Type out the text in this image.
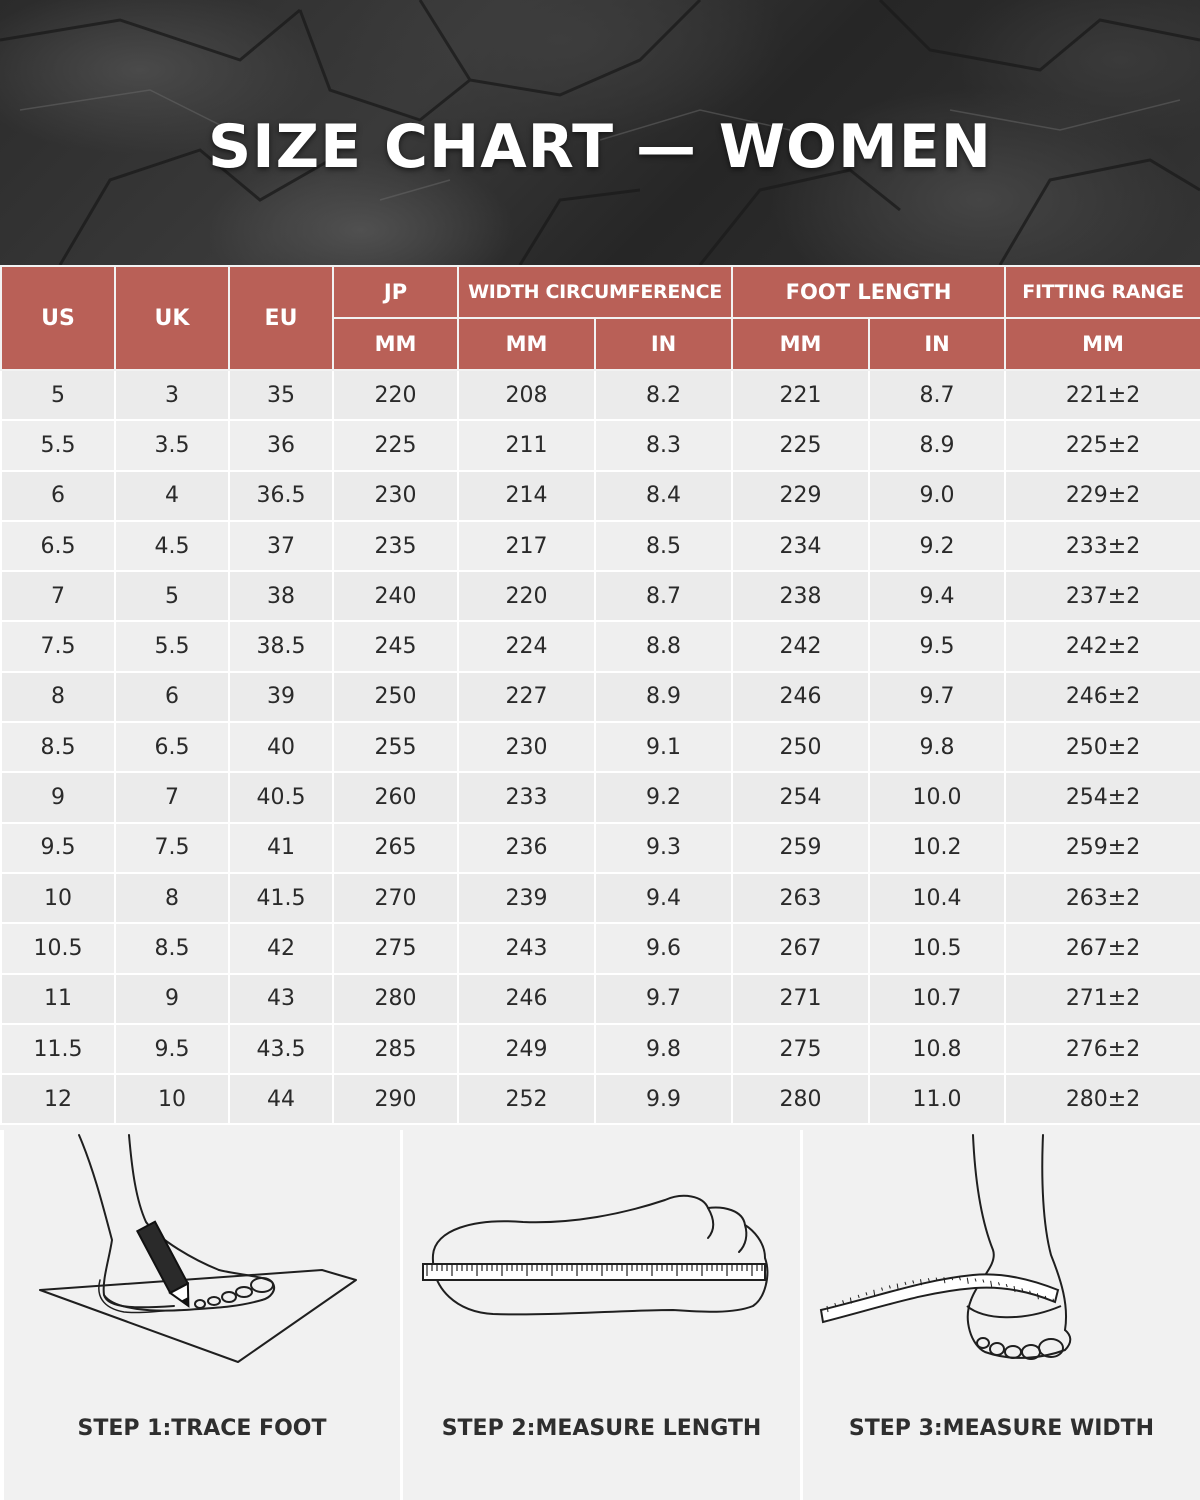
SIZE CHART — WOMEN
US	UK	EU	JP	WIDTH CIRCUMFERENCE		FOOT LENGTH		FITTING RANGE
			MM	MM	IN	MM	IN	MM
5	3	35	220	208	8.2	221	8.7	221±2
5.5	3.5	36	225	211	8.3	225	8.9	225±2
6	4	36.5	230	214	8.4	229	9.0	229±2
6.5	4.5	37	235	217	8.5	234	9.2	233±2
7	5	38	240	220	8.7	238	9.4	237±2
7.5	5.5	38.5	245	224	8.8	242	9.5	242±2
8	6	39	250	227	8.9	246	9.7	246±2
8.5	6.5	40	255	230	9.1	250	9.8	250±2
9	7	40.5	260	233	9.2	254	10.0	254±2
9.5	7.5	41	265	236	9.3	259	10.2	259±2
10	8	41.5	270	239	9.4	263	10.4	263±2
10.5	8.5	42	275	243	9.6	267	10.5	267±2
11	9	43	280	246	9.7	271	10.7	271±2
11.5	9.5	43.5	285	249	9.8	275	10.8	276±2
12	10	44	290	252	9.9	280	11.0	280±2
STEP 1:TRACE FOOT	STEP 2:MEASURE LENGTH	STEP 3:MEASURE WIDTH
